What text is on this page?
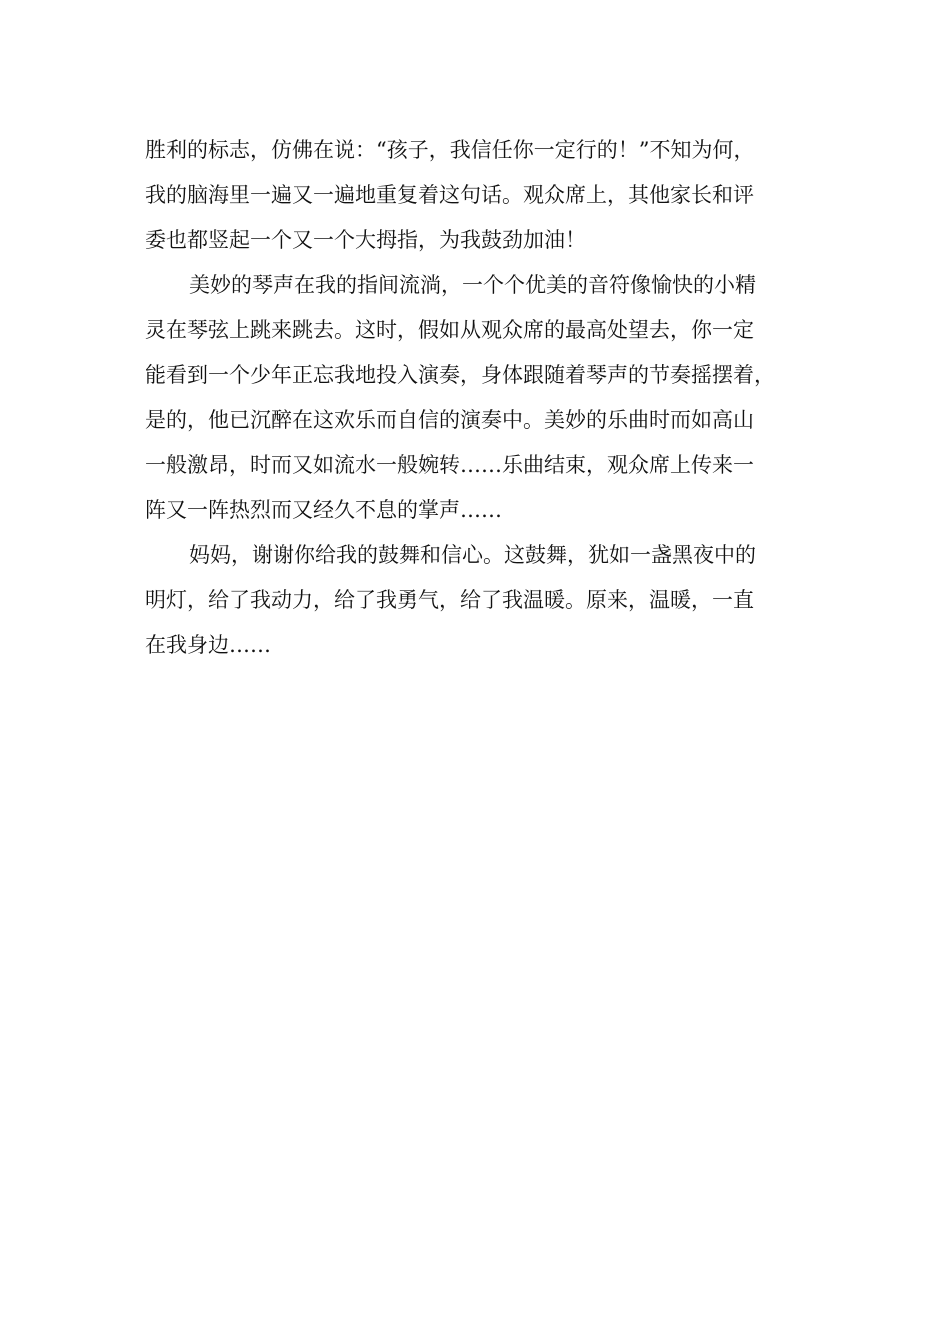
胜利的标志，仿佛在说：“孩子，我信任你一定行的！”不知为何，
我的脑海里一遍又一遍地重复着这句话。观众席上，其他家长和评
委也都竖起一个又一个大拇指，为我鼓劲加油！
美妙的琴声在我的指间流淌，一个个优美的音符像愉快的小精
灵在琴弦上跳来跳去。这时，假如从观众席的最高处望去，你一定
能看到一个少年正忘我地投入演奏，身体跟随着琴声的节奏摇摆着，
是的，他已沉醉在这欢乐而自信的演奏中。美妙的乐曲时而如高山
一般激昂，时而又如流水一般婉转……乐曲结束，观众席上传来一
阵又一阵热烈而又经久不息的掌声……
妈妈，谢谢你给我的鼓舞和信心。这鼓舞，犹如一盏黑夜中的
明灯，给了我动力，给了我勇气，给了我温暖。原来，温暖，一直
在我身边……
